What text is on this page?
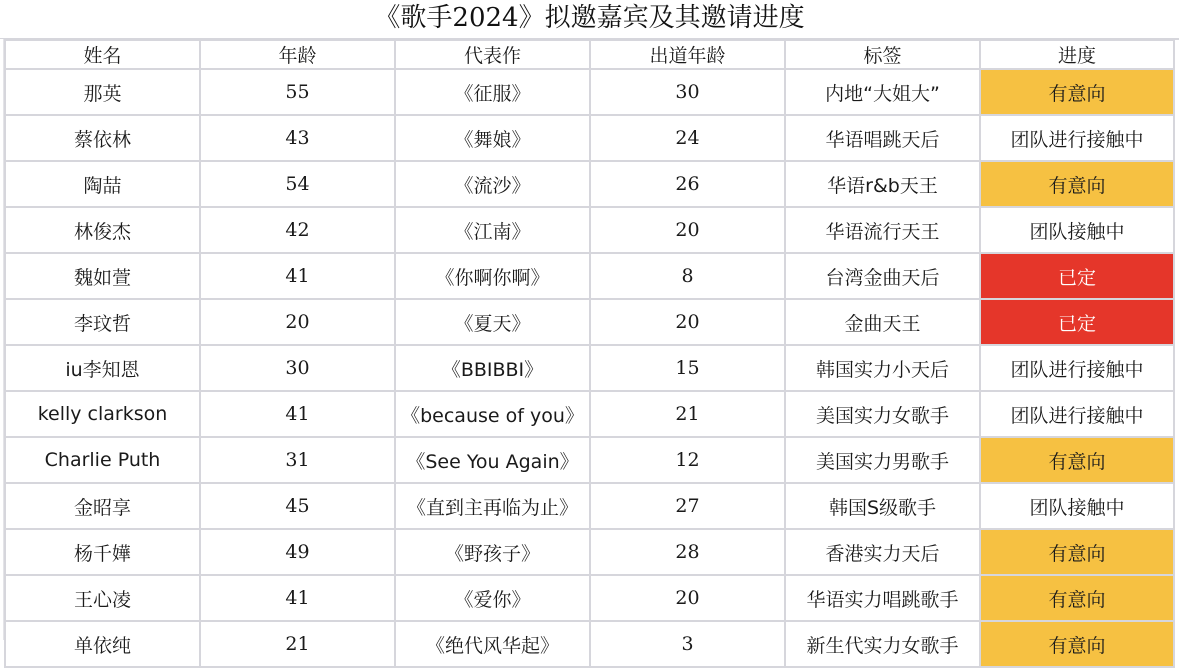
《歌手2024》拟邀嘉宾及其邀请进度
姓名	年龄	代表作	出道年龄	标签	进度
那英	55	《征服》	30	内地“大姐大”	有意向
蔡依林	43	《舞娘》	24	华语唱跳天后	团队进行接触中
陶喆	54	《流沙》	26	华语r&b天王	有意向
林俊杰	42	《江南》	20	华语流行天王	团队接触中
魏如萱	41	《你啊你啊》	8	台湾金曲天后	已定
李玟哲	20	《夏天》	20	金曲天王	已定
iu李知恩	30	《BBIBBI》	15	韩国实力小天后	团队进行接触中
kelly clarkson	41	《because of you》	21	美国实力女歌手	团队进行接触中
Charlie Puth	31	《See You Again》	12	美国实力男歌手	有意向
金昭享	45	《直到主再临为止》	27	韩国S级歌手	团队接触中
杨千嬅	49	《野孩子》	28	香港实力天后	有意向
王心凌	41	《爱你》	20	华语实力唱跳歌手	有意向
单依纯	21	《绝代风华起》	3	新生代实力女歌手	有意向
